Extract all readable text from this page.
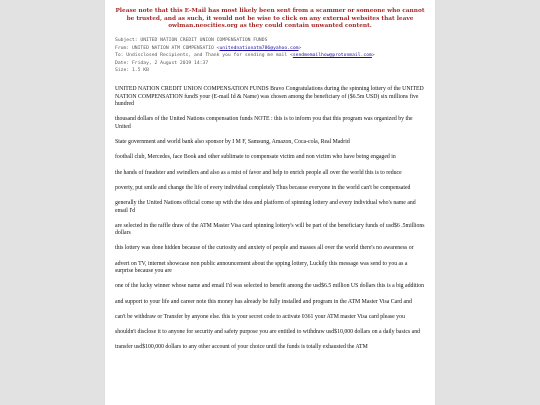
Please note that this E-Mail has most likely been sent from a scammer or someone who cannot be trusted, and as such, it would not be wise to click on any external websites that leave owlman.neocities.org as they could contain unwanted content.
Subject: UNITED NATION CREDIT UNION COMPENSATION FUNDS
From: UNITED NATION ATM COMPENSATIO <unitednationatm786@yahoo.com>
To: Undisclosed Recipients, and Thank you for sending me mail <sendmemailhow@protonmail.com>
Date: Friday, 2 August 2019 14:37
Size: 1.5 KB

UNITED NATION CREDIT UNION COMPENSATION FUNDS Bravo Congratulations during the spinning lottery of the UNITED NATION COMPENSATION fundS your (E-mail Id & Name) was chosen among the beneficiary of ($6.5m USD) six millions five hundred

thousand dollars of the United Nations compensation funds NOTE : this is to inform you that this program was organized by the United

State government and world bank also sponsor by I M F, Samsung, Amazon, Coca-cola, Real Madrid

football club, Mercedes, face Book and other sublimate to compensate victim and non victim who have being engaged in

the hands of fraudster and swindlers and also as a mist of favor and help to enrich people all over the world this is to reduce

poverty, put smile and change the life of every individual completely Thus because everyone in the world can't be compensated

generally the United Nations official come up with the idea and platform of spinning lottery and every individual who's name and email I'd

are selected in the raffle draw of the ATM Master Visa card spinning lottery's will be part of the beneficiary funds of usd$6 .5millions dollars

this lottery was done hidden because of the curiosity and anxiety of people and masses all over the world there's no awareness or

advert on TV, internet showcase non public announcement about the spping lottery, Luckily this message was send to you as a surprise because you are

one of the lucky winner whose name and email I'd was selected to benefit among the usd$6.5 million US dollars this is a big addition

and support to your life and career note this money has already be fully installed and program in the ATM Master Visa Card and

can't be withdraw or Transfer by anyone else. this is your secret code to activate 0361 your ATM master Visa card please you

shouldn't disclose it to anyone for security and safety purpose you are entitled to withdraw usd$10,000 dollars on a daily basics and

transfer usd$100,000 dollars to any other account of your choice until the funds is totally exhausted the ATM
